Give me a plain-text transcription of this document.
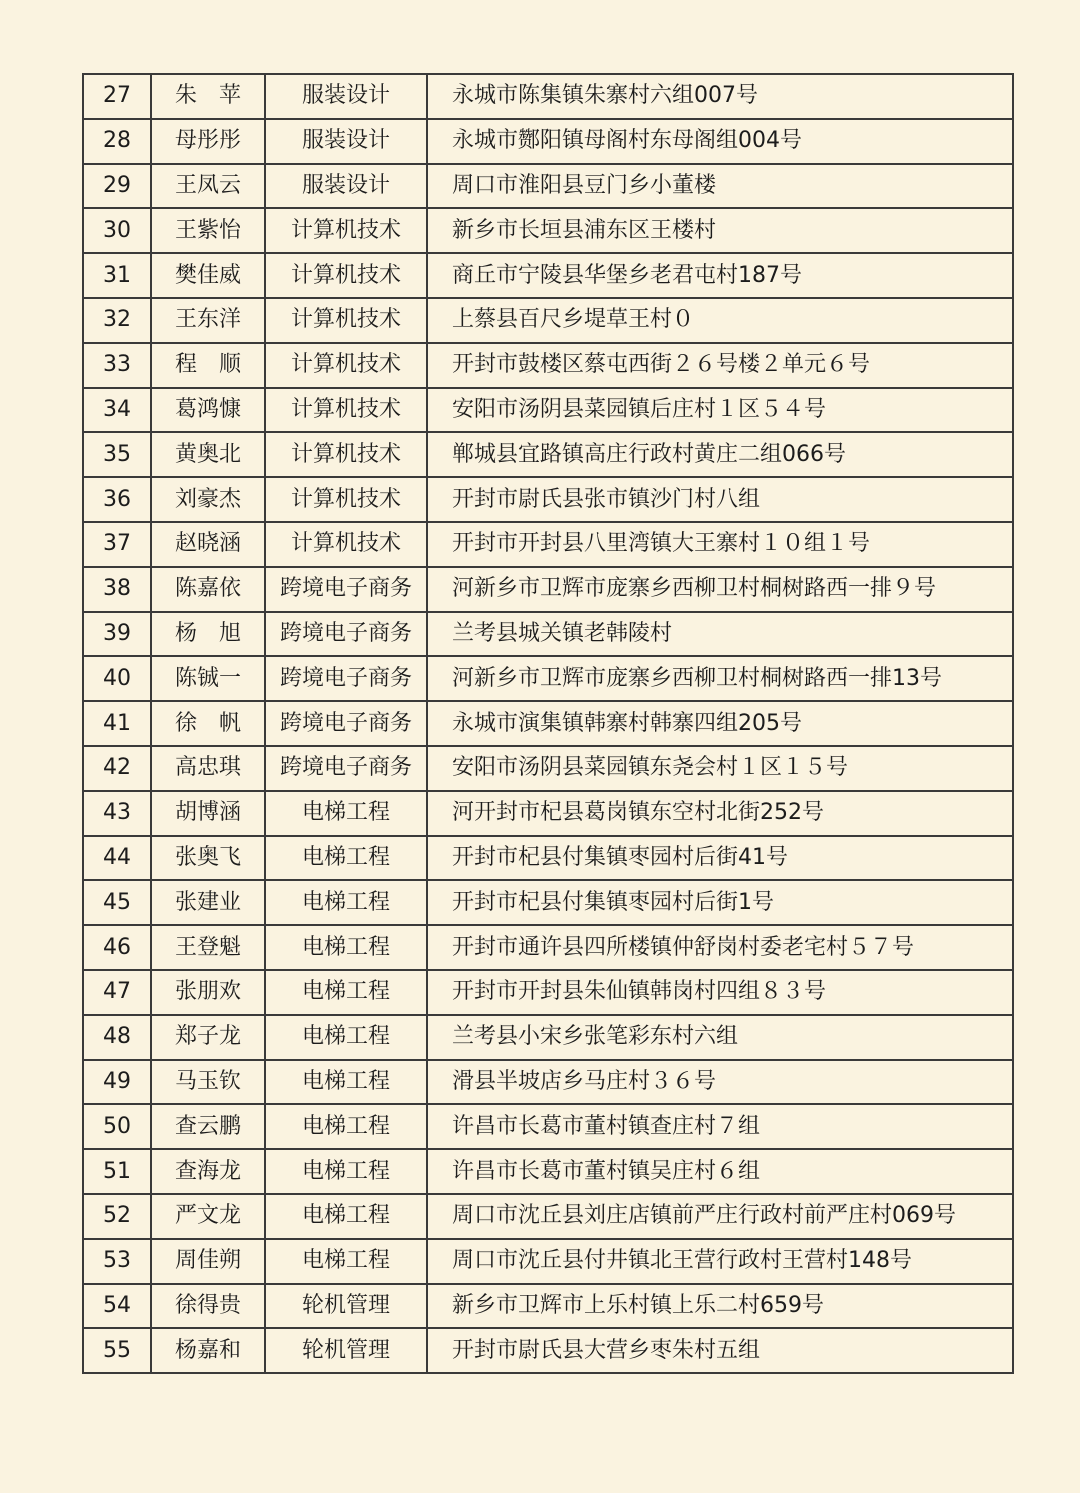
27	朱　苹	服装设计	永城市陈集镇朱寨村六组007号
28	母彤彤	服装设计	永城市酂阳镇母阁村东母阁组004号
29	王凤云	服装设计	周口市淮阳县豆门乡小董楼
30	王紫怡	计算机技术	新乡市长垣县浦东区王楼村
31	樊佳威	计算机技术	商丘市宁陵县华堡乡老君屯村187号
32	王东洋	计算机技术	上蔡县百尺乡堤草王村０
33	程　顺	计算机技术	开封市鼓楼区蔡屯西街２６号楼２单元６号
34	葛鸿慷	计算机技术	安阳市汤阴县菜园镇后庄村１区５４号
35	黄奥北	计算机技术	郸城县宜路镇高庄行政村黄庄二组066号
36	刘豪杰	计算机技术	开封市尉氏县张市镇沙门村八组
37	赵晓涵	计算机技术	开封市开封县八里湾镇大王寨村１０组１号
38	陈嘉依	跨境电子商务	河新乡市卫辉市庞寨乡西柳卫村桐树路西一排９号
39	杨　旭	跨境电子商务	兰考县城关镇老韩陵村
40	陈铖一	跨境电子商务	河新乡市卫辉市庞寨乡西柳卫村桐树路西一排13号
41	徐　帆	跨境电子商务	永城市演集镇韩寨村韩寨四组205号
42	高忠琪	跨境电子商务	安阳市汤阴县菜园镇东尧会村１区１５号
43	胡博涵	电梯工程	河开封市杞县葛岗镇东空村北街252号
44	张奥飞	电梯工程	开封市杞县付集镇枣园村后街41号
45	张建业	电梯工程	开封市杞县付集镇枣园村后街1号
46	王登魁	电梯工程	开封市通许县四所楼镇仲舒岗村委老宅村５７号
47	张朋欢	电梯工程	开封市开封县朱仙镇韩岗村四组８３号
48	郑子龙	电梯工程	兰考县小宋乡张笔彩东村六组
49	马玉钦	电梯工程	滑县半坡店乡马庄村３６号
50	查云鹏	电梯工程	许昌市长葛市董村镇查庄村７组
51	查海龙	电梯工程	许昌市长葛市董村镇吴庄村６组
52	严文龙	电梯工程	周口市沈丘县刘庄店镇前严庄行政村前严庄村069号
53	周佳朔	电梯工程	周口市沈丘县付井镇北王营行政村王营村148号
54	徐得贵	轮机管理	新乡市卫辉市上乐村镇上乐二村659号
55	杨嘉和	轮机管理	开封市尉氏县大营乡枣朱村五组
